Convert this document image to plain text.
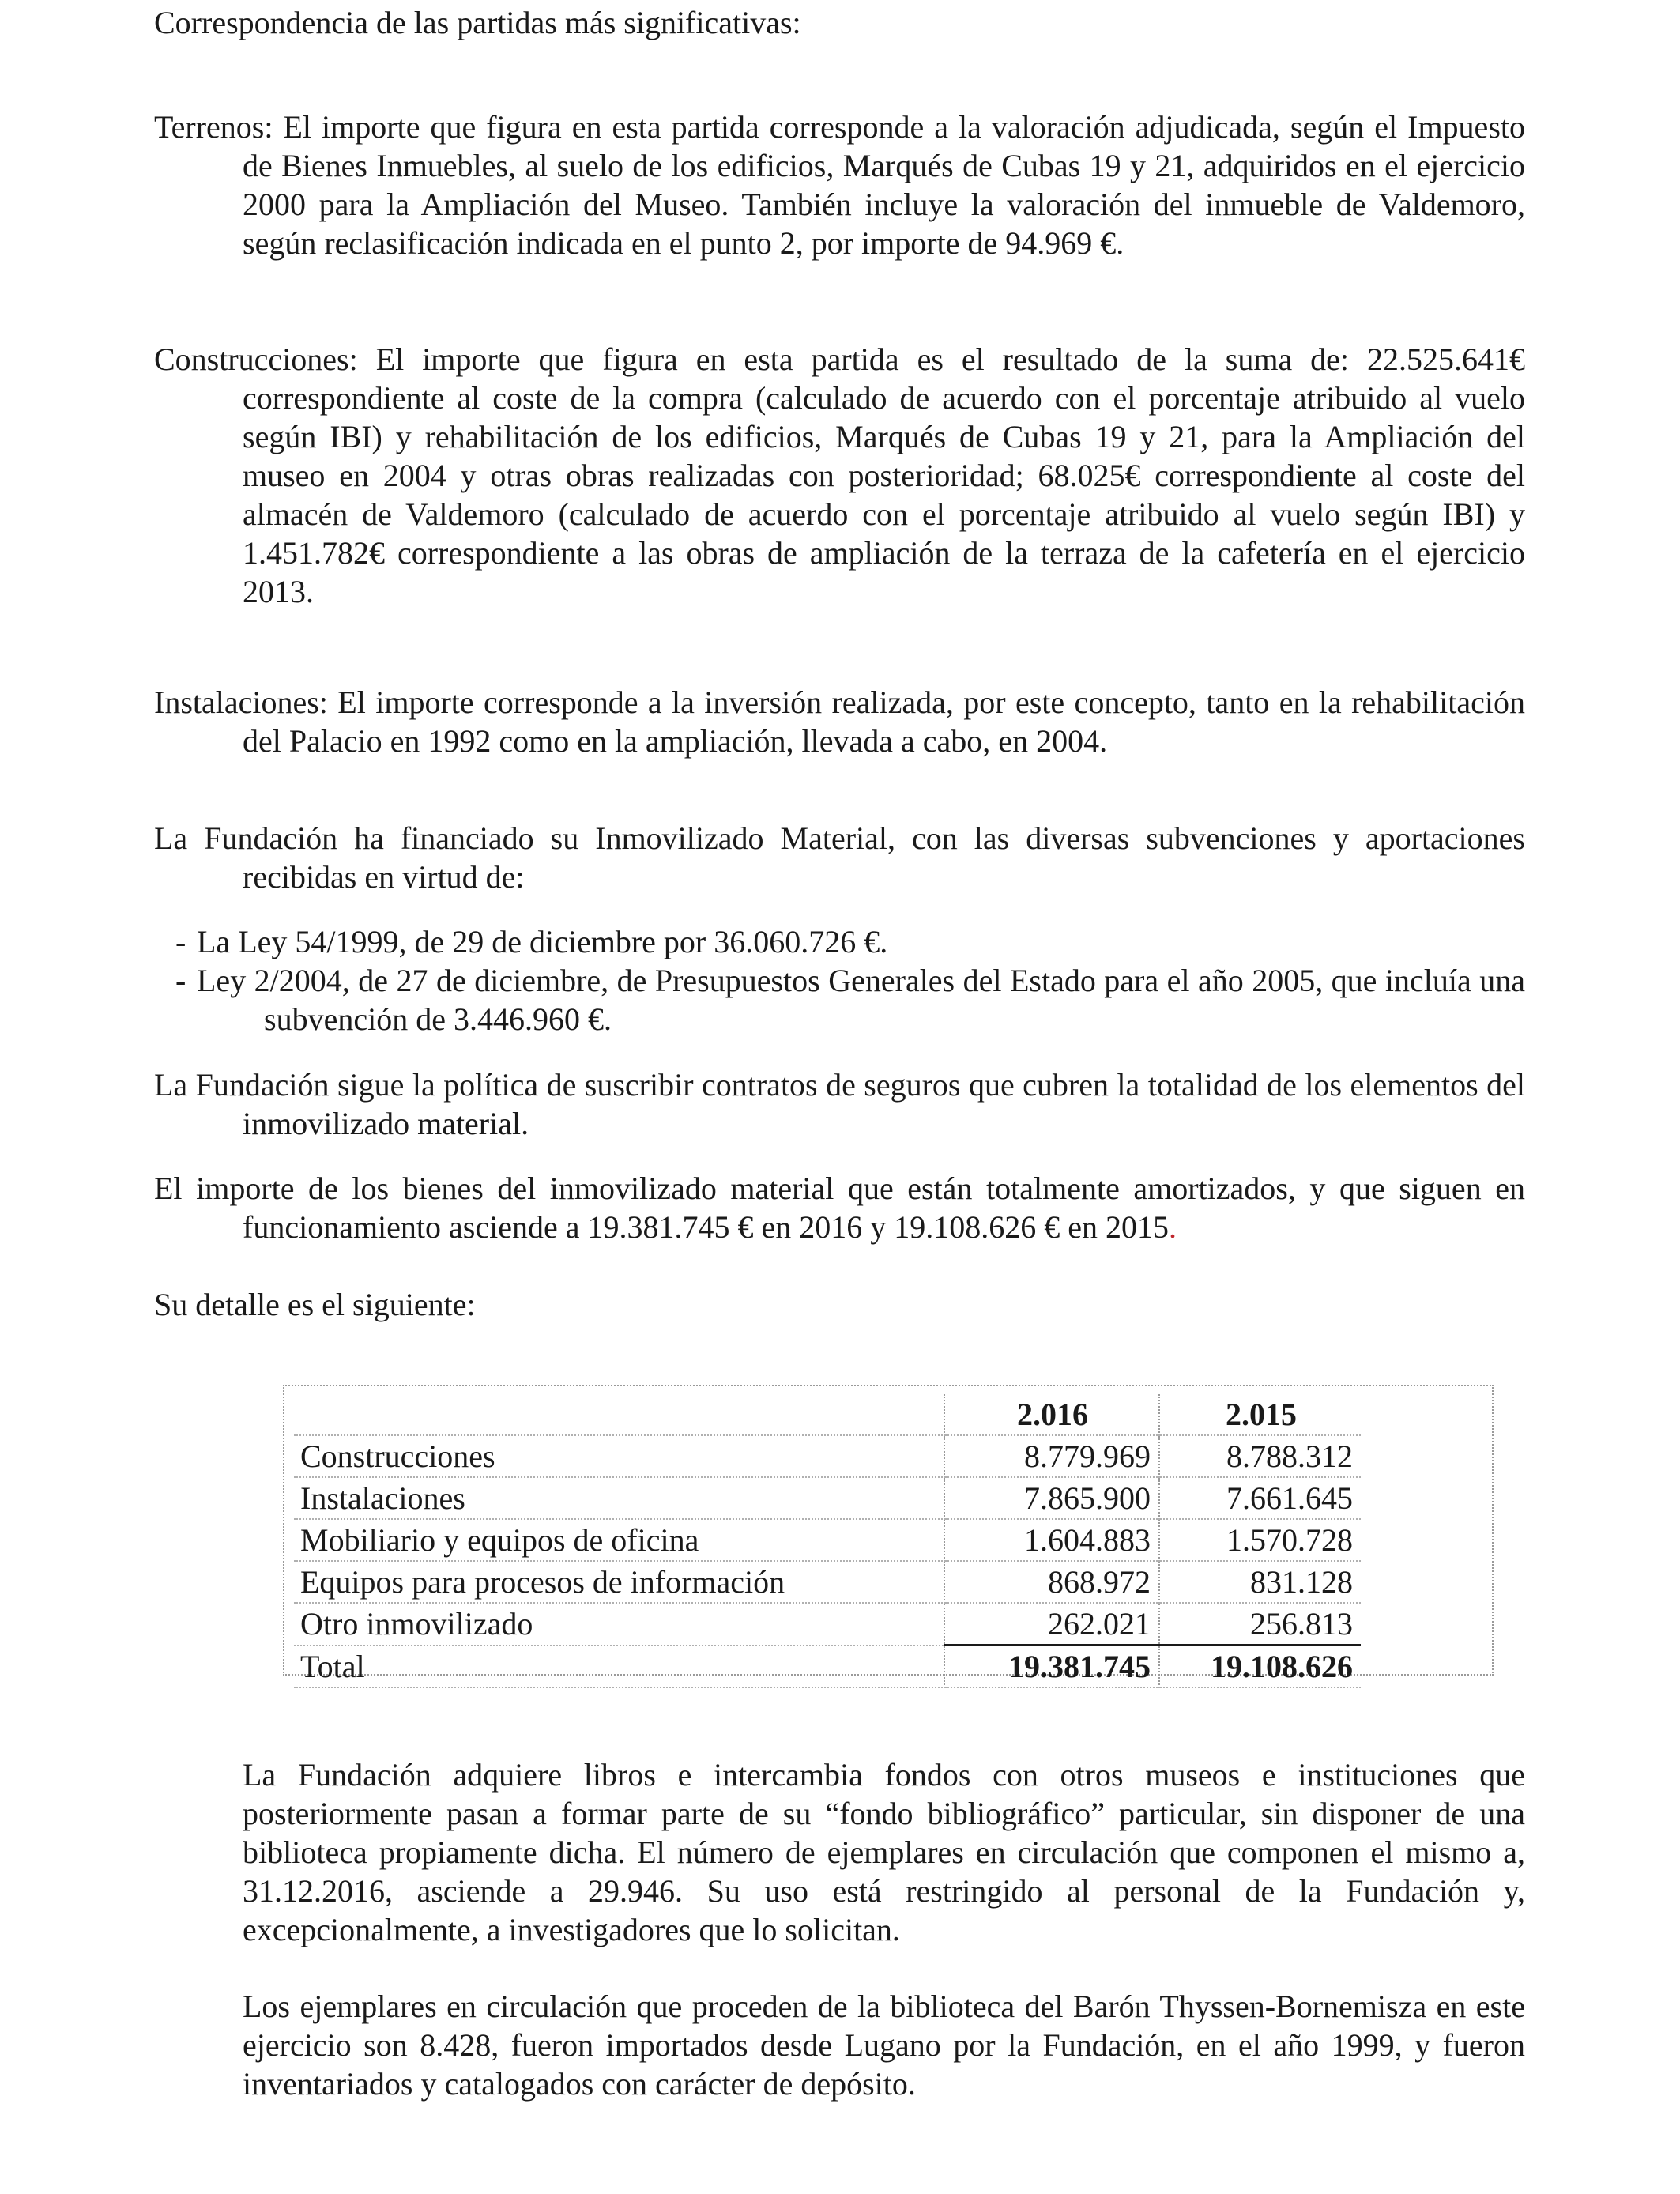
Correspondencia de las partidas más significativas:
Terrenos: El importe que figura en esta partida corresponde a la valoración adjudicada, según el Impuesto de Bienes Inmuebles, al suelo de los edificios, Marqués de Cubas 19 y 21, adquiridos en el ejercicio 2000 para la Ampliación del Museo. También incluye la valoración del inmueble de Valdemoro, según reclasificación indicada en el punto 2, por importe de 94.969 €.
Construcciones: El importe que figura en esta partida es el resultado de la suma de: 22.525.641€ correspondiente al coste de la compra (calculado de acuerdo con el porcentaje atribuido al vuelo según IBI) y rehabilitación de los edificios, Marqués de Cubas 19 y 21, para la Ampliación del museo en 2004 y otras obras realizadas con posterioridad; 68.025€ correspondiente al coste del almacén de Valdemoro (calculado de acuerdo con el porcentaje atribuido al vuelo según IBI) y 1.451.782€ correspondiente a las obras de ampliación de la terraza de la cafetería en el ejercicio 2013.
Instalaciones: El importe corresponde a la inversión realizada, por este concepto, tanto en la rehabilitación del Palacio en 1992 como en la ampliación, llevada a cabo, en 2004.
La Fundación ha financiado su Inmovilizado Material, con las diversas subvenciones y aportaciones recibidas en virtud de:
- La Ley 54/1999, de 29 de diciembre por 36.060.726 €.
- Ley 2/2004, de 27 de diciembre, de Presupuestos Generales del Estado para el año 2005, que incluía una subvención de 3.446.960 €.
La Fundación sigue la política de suscribir contratos de seguros que cubren la totalidad de los elementos del inmovilizado material.
El importe de los bienes del inmovilizado material que están totalmente amortizados, y que siguen en funcionamiento asciende a 19.381.745 € en 2016 y 19.108.626 € en 2015.
Su detalle es el siguiente:
	2.016	2.015
Construcciones	8.779.969	8.788.312
Instalaciones	7.865.900	7.661.645
Mobiliario y equipos de oficina	1.604.883	1.570.728
Equipos para procesos de información	868.972	831.128
Otro inmovilizado	262.021	256.813
Total	19.381.745	19.108.626
La Fundación adquiere libros e intercambia fondos con otros museos e instituciones que posteriormente pasan a formar parte de su “fondo bibliográfico” particular, sin disponer de una biblioteca propiamente dicha. El número de ejemplares en circulación que componen el mismo a, 31.12.2016, asciende a 29.946. Su uso está restringido al personal de la Fundación y, excepcionalmente, a investigadores que lo solicitan.
Los ejemplares en circulación que proceden de la biblioteca del Barón Thyssen-Bornemisza en este ejercicio son 8.428, fueron importados desde Lugano por la Fundación, en el año 1999, y fueron inventariados y catalogados con carácter de depósito.
